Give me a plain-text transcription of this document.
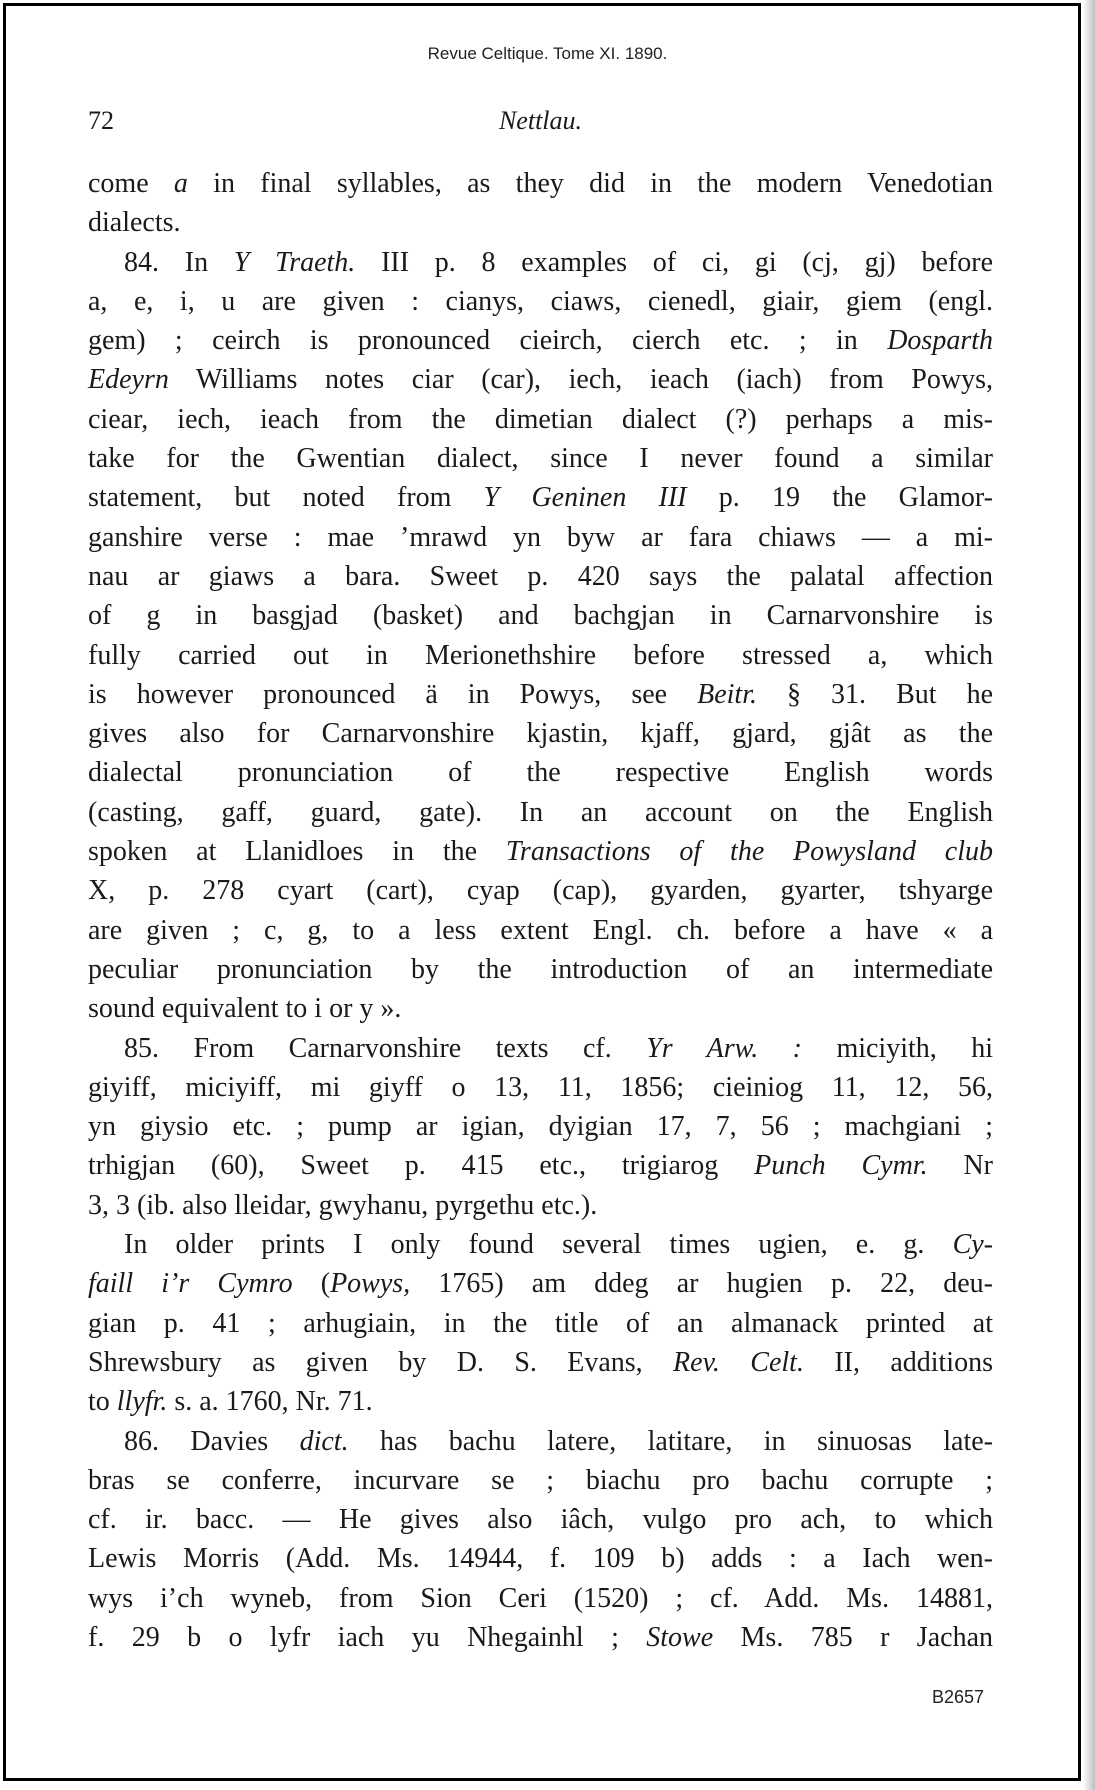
Revue Celtique. Tome XI. 1890.
72	Nettlau.
come a in final syllables, as they did in the modern Venedotian
dialects.
84. In Y Traeth. III p. 8 examples of ci, gi (cj, gj) before
a, e, i, u are given : cianys, ciaws, cienedl, giair, giem (engl.
gem) ; ceirch is pronounced cieirch, cierch etc. ; in Dosparth
Edeyrn Williams notes ciar (car), iech, ieach (iach) from Powys,
ciear, iech, ieach from the dimetian dialect (?) perhaps a mis-
take for the Gwentian dialect, since I never found a similar
statement, but noted from Y Geninen III p. 19 the Glamor-
ganshire verse : mae ’mrawd yn byw ar fara chiaws — a mi-
nau ar giaws a bara. Sweet p. 420 says the palatal affection
of g in basgjad (basket) and bachgjan in Carnarvonshire is
fully carried out in Merionethshire before stressed a, which
is however pronounced ä in Powys, see Beitr. § 31. But he
gives also for Carnarvonshire kjastin, kjaff, gjard, gjât as the
dialectal pronunciation of the respective English words
(casting, gaff, guard, gate). In an account on the English
spoken at Llanidloes in the Transactions of the Powysland club
X, p. 278 cyart (cart), cyap (cap), gyarden, gyarter, tshyarge
are given ; c, g, to a less extent Engl. ch. before a have « a
peculiar pronunciation by the introduction of an intermediate
sound equivalent to i or y ».
85. From Carnarvonshire texts cf. Yr Arw. : miciyith, hi
giyiff, miciyiff, mi giyff o 13, 11, 1856; cieiniog 11, 12, 56,
yn giysio etc. ; pump ar igian, dyigian 17, 7, 56 ; machgiani ;
trhigjan (60), Sweet p. 415 etc., trigiarog Punch Cymr. Nr
3, 3 (ib. also lleidar, gwyhanu, pyrgethu etc.).
In older prints I only found several times ugien, e. g. Cy-
faill i’r Cymro (Powys, 1765) am ddeg ar hugien p. 22, deu-
gian p. 41 ; arhugiain, in the title of an almanack printed at
Shrewsbury as given by D. S. Evans, Rev. Celt. II, additions
to llyfr. s. a. 1760, Nr. 71.
86. Davies dict. has bachu latere, latitare, in sinuosas late-
bras se conferre, incurvare se ; biachu pro bachu corrupte ;
cf. ir. bacc. — He gives also iâch, vulgo pro ach, to which
Lewis Morris (Add. Ms. 14944, f. 109 b) adds : a Iach wen-
wys i’ch wyneb, from Sion Ceri (1520) ; cf. Add. Ms. 14881,
f. 29 b o lyfr iach yu Nhegainhl ; Stowe Ms. 785 r Jachan
B2657
